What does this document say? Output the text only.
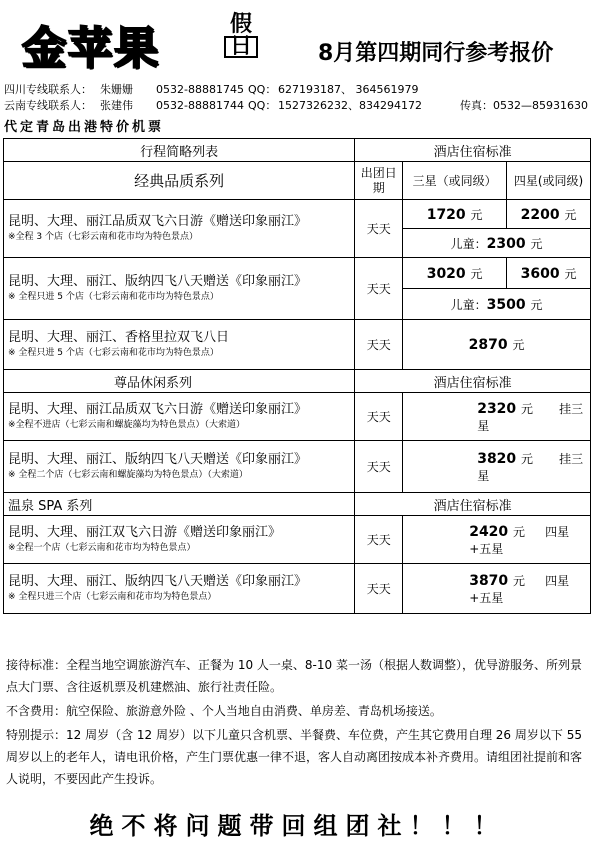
金苹果	假
日	8月第四期同行参考报价
四川专线联系人： 朱姗姗 0532-88881745 QQ： 627193187、 364561979
云南专线联系人： 张建伟 0532-88881744 QQ： 1527326232、834294172	传真：0532—85931630
代定青岛出港特价机票
行程简略列表	酒店住宿标准		
经典品质系列	出团日期	三星（或同级）	四星(或同级)

昆明、大理、丽江品质双飞六日游《赠送印象丽江》
※全程 3 个店（七彩云南和花市均为特色景点）	天天	1720 元	2200 元
		儿童：2300 元	

昆明、大理、丽江、版纳四飞八天赠送《印象丽江》
※ 全程只进 5 个店（七彩云南和花市均为特色景点）	天天	3020 元	3600 元
		儿童：3500 元	

昆明、大理、丽江、香格里拉双飞八日
※ 全程只进 5 个店（七彩云南和花市均为特色景点）	天天	2870 元	
尊品休闲系列	酒店住宿标准		

昆明、大理、丽江品质双飞六日游《赠送印象丽江》
※全程不进店（七彩云南和螺旋藻均为特色景点）（大索道）	天天	2320 元 挂三星	

昆明、大理、丽江、版纳四飞八天赠送《印象丽江》
※ 全程二个店（七彩云南和螺旋藻均为特色景点）（大索道）	天天	3820 元 挂三星	
温泉 SPA 系列	酒店住宿标准		

昆明、大理、丽江双飞六日游《赠送印象丽江》
※全程一个店（七彩云南和花市均为特色景点）	天天	2420 元 四星+五星	

昆明、大理、丽江、版纳四飞八天赠送《印象丽江》
※ 全程只进三个店（七彩云南和花市均为特色景点）	天天	3870 元 四星+五星	

接待标准：全程当地空调旅游汽车、正餐为 10 人一桌、8-10 菜一汤（根据人数调整），优导游服务、所列景点大门票、含往返机票及机建燃油、旅行社责任险。

不含费用：航空保险、旅游意外险 、个人当地自由消费、单房差、青岛机场接送。

特别提示：12 周岁（含 12 周岁）以下儿童只含机票、半餐费、车位费，产生其它费用自理 26 周岁以下 55 周岁以上的老年人，请电讯价格，产生门票优惠一律不退，客人自动离团按成本补齐费用。请组团社提前和客人说明，不要因此产生投诉。

绝不将问题带回组团社！！！
